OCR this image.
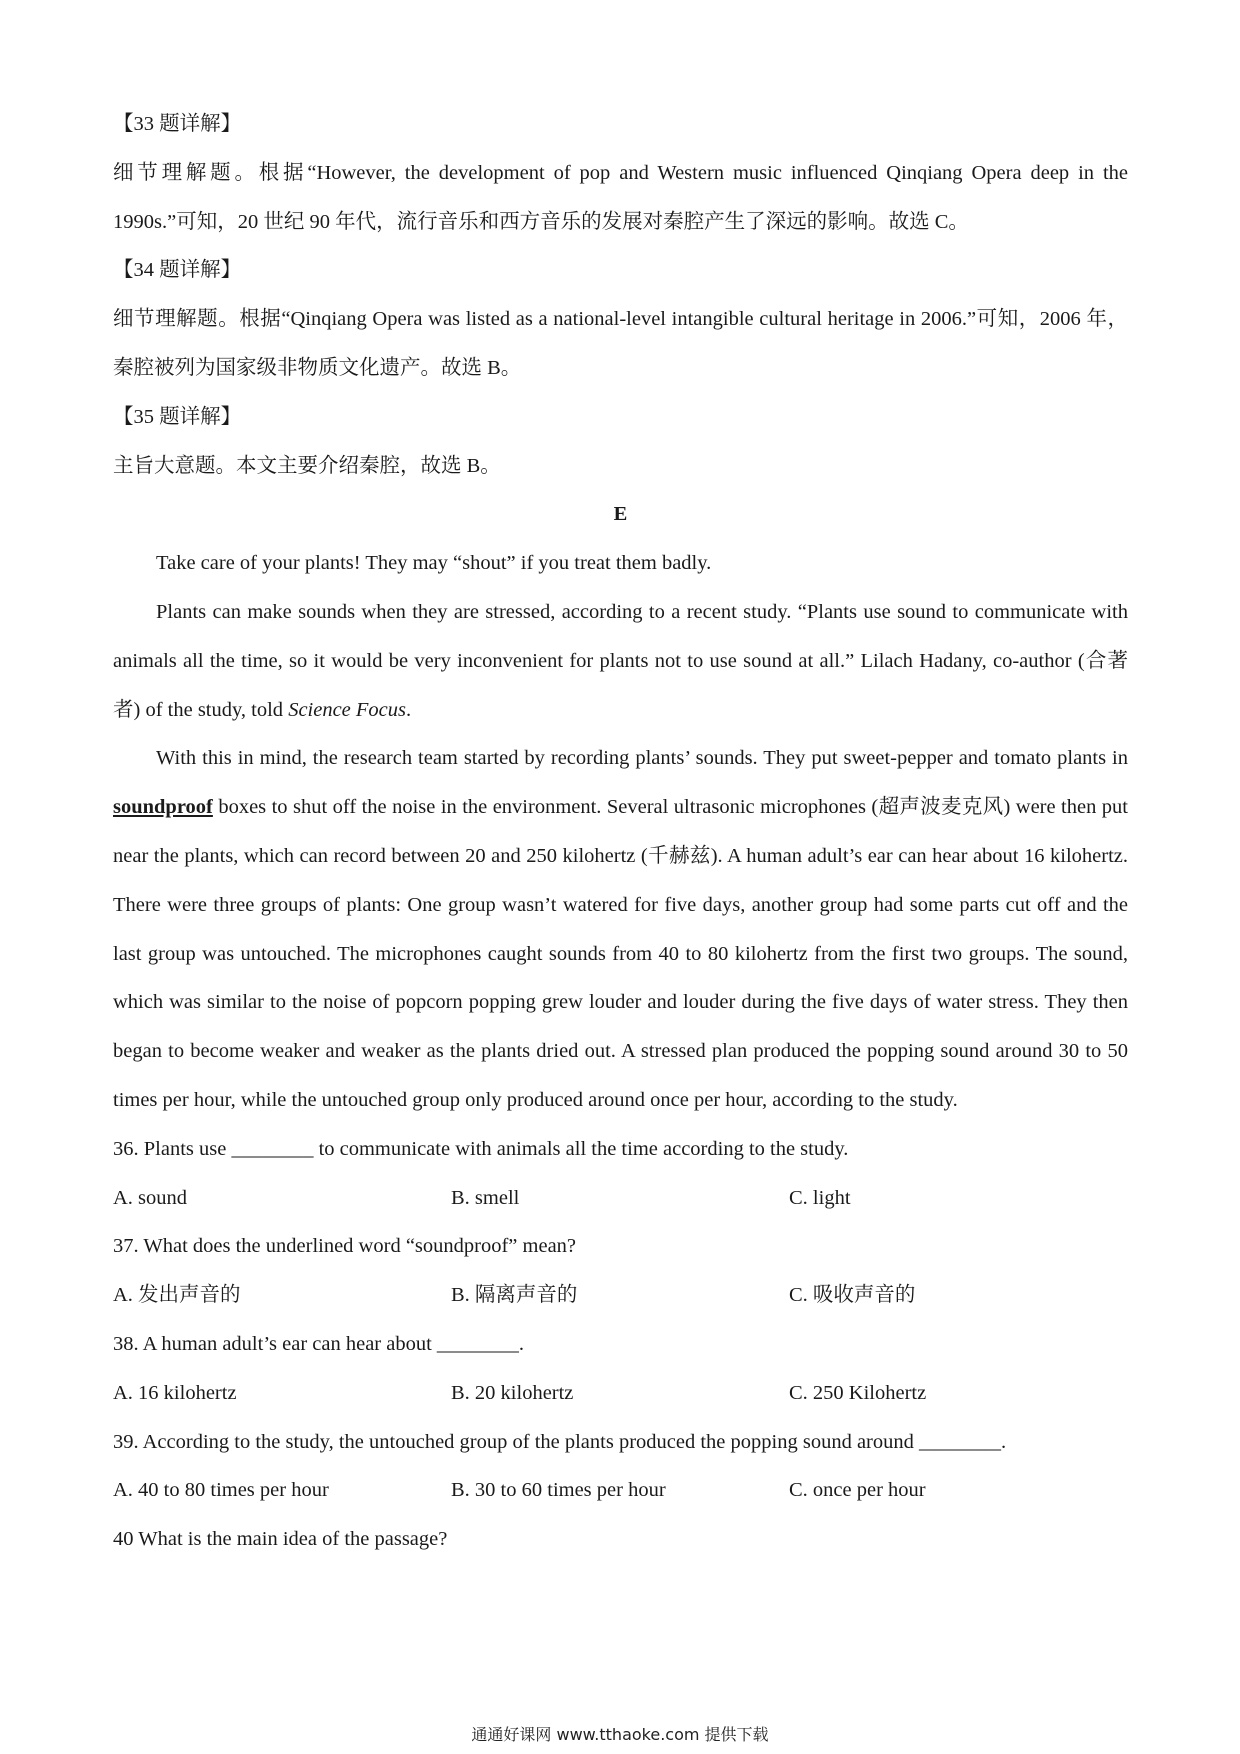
【33 题详解】

细节理解题。根据“However, the development of pop and Western music influenced Qinqiang Opera deep in the 1990s.”可知，20 世纪 90 年代，流行音乐和西方音乐的发展对秦腔产生了深远的影响。故选 C。

【34 题详解】

细节理解题。根据“Qinqiang Opera was listed as a national-level intangible cultural heritage in 2006.”可知，2006 年，秦腔被列为国家级非物质文化遗产。故选 B。

【35 题详解】

主旨大意题。本文主要介绍秦腔，故选 B。

E

Take care of your plants! They may “shout” if you treat them badly.

Plants can make sounds when they are stressed, according to a recent study. “Plants use sound to communicate with animals all the time, so it would be very inconvenient for plants not to use sound at all.” Lilach Hadany, co-author (合著者) of the study, told Science Focus.

With this in mind, the research team started by recording plants’ sounds. They put sweet-pepper and tomato plants in soundproof boxes to shut off the noise in the environment. Several ultrasonic microphones (超声波麦克风) were then put near the plants, which can record between 20 and 250 kilohertz (千赫兹). A human adult’s ear can hear about 16 kilohertz. There were three groups of plants: One group wasn’t watered for five days, another group had some parts cut off and the last group was untouched. The microphones caught sounds from 40 to 80 kilohertz from the first two groups. The sound, which was similar to the noise of popcorn popping grew louder and louder during the five days of water stress. They then began to become weaker and weaker as the plants dried out. A stressed plan produced the popping sound around 30 to 50 times per hour, while the untouched group only produced around once per hour, according to the study.

36. Plants use ________ to communicate with animals all the time according to the study.

A. sound	B. smell	C. light

37. What does the underlined word “soundproof” mean?

A. 发出声音的	B. 隔离声音的	C. 吸收声音的

38. A human adult’s ear can hear about ________.

A. 16 kilohertz	B. 20 kilohertz	C. 250 Kilohertz

39. According to the study, the untouched group of the plants produced the popping sound around ________.

A. 40 to 80 times per hour	B. 30 to 60 times per hour	C. once per hour

40 What is the main idea of the passage?

通通好课网 www.tthaoke.com 提供下载
